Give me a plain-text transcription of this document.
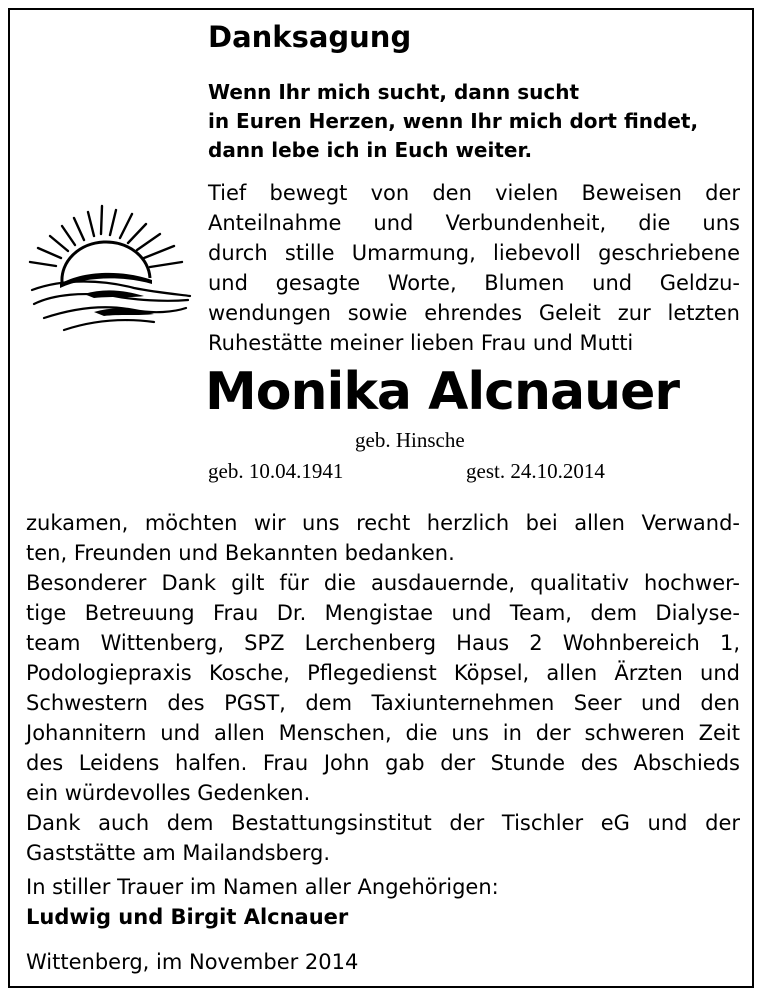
Danksagung
Wenn Ihr mich sucht, dann sucht
in Euren Herzen, wenn Ihr mich dort findet,
dann lebe ich in Euch weiter.
Tief bewegt von den vielen Beweisen der
Anteilnahme und Verbundenheit, die uns
durch stille Umarmung, liebevoll geschriebene
und gesagte Worte, Blumen und Geldzu-
wendungen sowie ehrendes Geleit zur letzten
Ruhestätte meiner lieben Frau und Mutti
Monika Alcnauer
geb. Hinsche
geb. 10.04.1941	gest. 24.10.2014
zukamen, möchten wir uns recht herzlich bei allen Verwand-
ten, Freunden und Bekannten bedanken.
Besonderer Dank gilt für die ausdauernde, qualitativ hochwer-
tige Betreuung Frau Dr. Mengistae und Team, dem Dialyse-
team Wittenberg, SPZ Lerchenberg Haus 2 Wohnbereich 1,
Podologiepraxis Kosche, Pflegedienst Köpsel, allen Ärzten und
Schwestern des PGST, dem Taxiunternehmen Seer und den
Johannitern und allen Menschen, die uns in der schweren Zeit
des Leidens halfen. Frau John gab der Stunde des Abschieds
ein würdevolles Gedenken.
Dank auch dem Bestattungsinstitut der Tischler eG und der
Gaststätte am Mailandsberg.
In stiller Trauer im Namen aller Angehörigen:
Ludwig und Birgit Alcnauer
Wittenberg, im November 2014
